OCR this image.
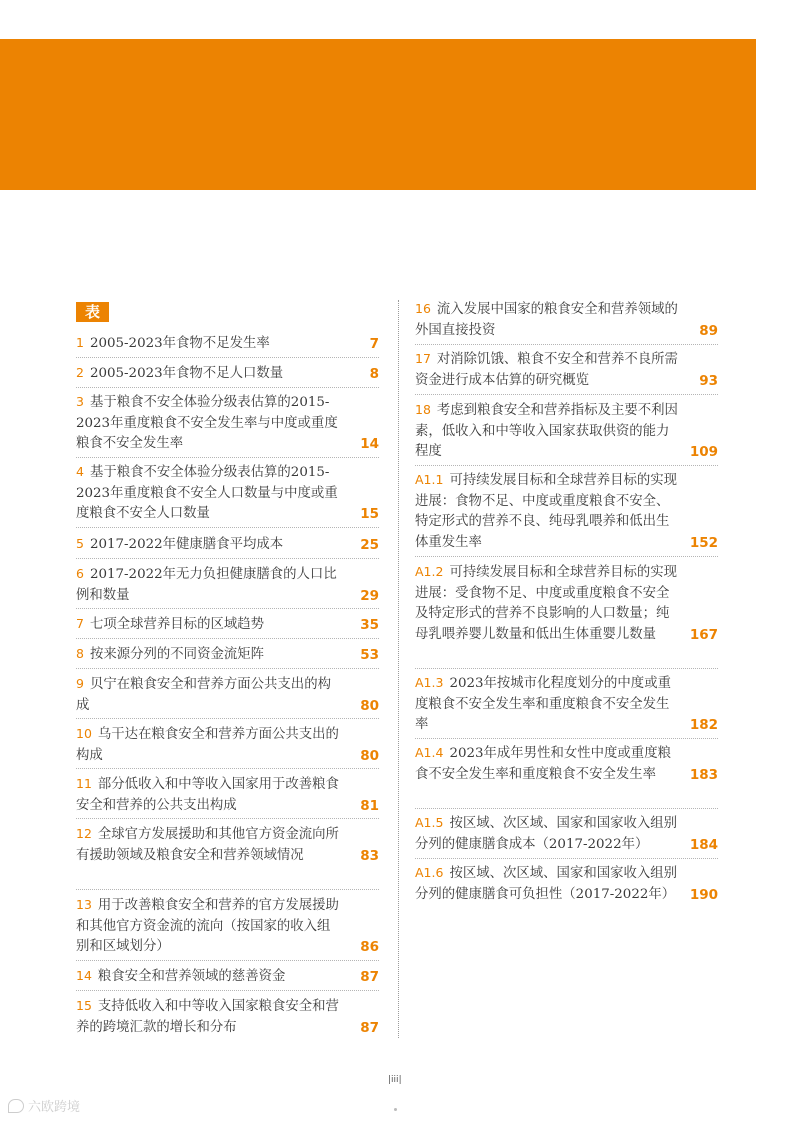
表
1 2005-2023年食物不足发生率	7
2 2005-2023年食物不足人口数量	8
3 基于粮食不安全体验分级表估算的2015-2023年重度粮食不安全发生率与中度或重度粮食不安全发生率	14
4 基于粮食不安全体验分级表估算的2015-2023年重度粮食不安全人口数量与中度或重度粮食不安全人口数量	15
5 2017-2022年健康膳食平均成本	25
6 2017-2022年无力负担健康膳食的人口比例和数量	29
7 七项全球营养目标的区域趋势	35
8 按来源分列的不同资金流矩阵	53
9 贝宁在粮食安全和营养方面公共支出的构成	80
10 乌干达在粮食安全和营养方面公共支出的构成	80
11 部分低收入和中等收入国家用于改善粮食安全和营养的公共支出构成	81
12 全球官方发展援助和其他官方资金流向所有援助领域及粮食安全和营养领域情况	83
13 用于改善粮食安全和营养的官方发展援助和其他官方资金流的流向（按国家的收入组别和区域划分）	86
14 粮食安全和营养领域的慈善资金	87
15 支持低收入和中等收入国家粮食安全和营养的跨境汇款的增长和分布	87
16 流入发展中国家的粮食安全和营养领域的外国直接投资	89
17 对消除饥饿、粮食不安全和营养不良所需资金进行成本估算的研究概览	93
18 考虑到粮食安全和营养指标及主要不利因素，低收入和中等收入国家获取供资的能力程度	109
A1.1 可持续发展目标和全球营养目标的实现进展：食物不足、中度或重度粮食不安全、特定形式的营养不良、纯母乳喂养和低出生体重发生率	152
A1.2 可持续发展目标和全球营养目标的实现进展：受食物不足、中度或重度粮食不安全及特定形式的营养不良影响的人口数量；纯母乳喂养婴儿数量和低出生体重婴儿数量	167
A1.3 2023年按城市化程度划分的中度或重度粮食不安全发生率和重度粮食不安全发生率	182
A1.4 2023年成年男性和女性中度或重度粮食不安全发生率和重度粮食不安全发生率	183
A1.5 按区域、次区域、国家和国家收入组别分列的健康膳食成本（2017-2022年）	184
A1.6 按区域、次区域、国家和国家收入组别分列的健康膳食可负担性（2017-2022年）	190
|iii|
六欧跨境
